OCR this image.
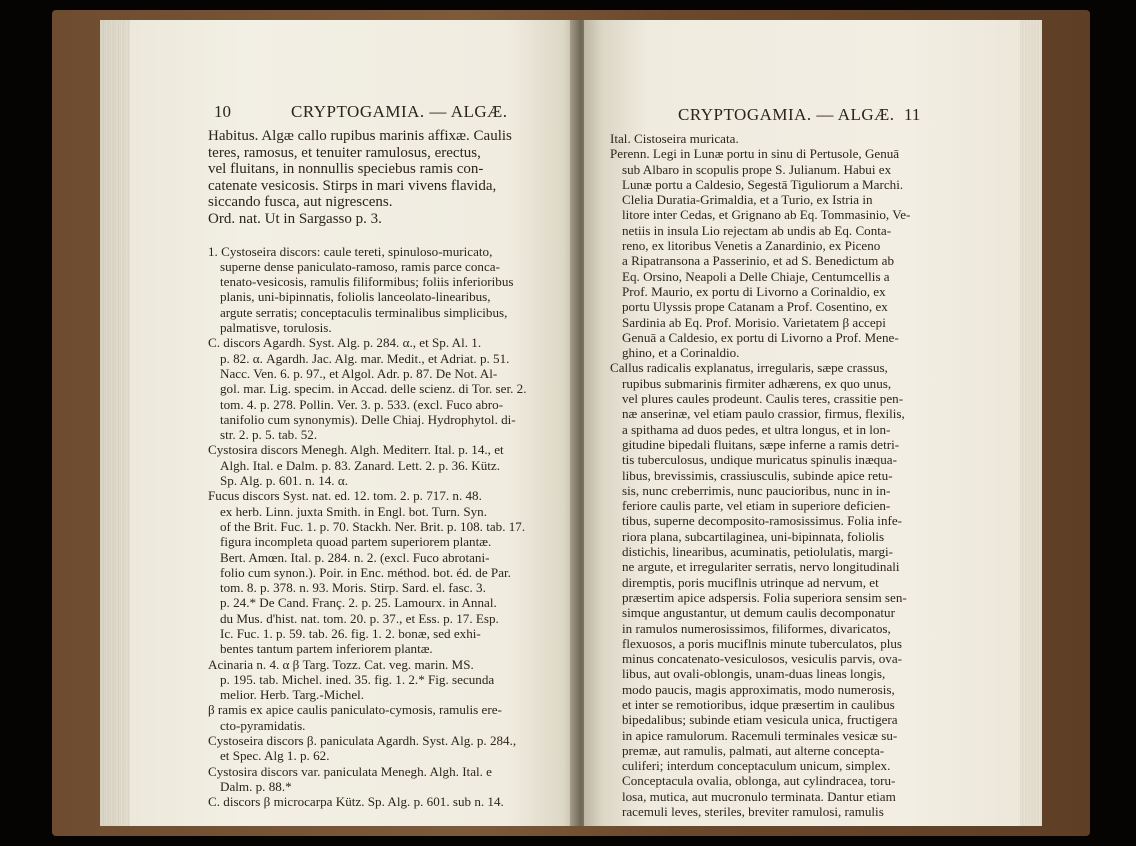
10	CRYPTOGAMIA. — ALGÆ.

Habitus. Algæ callo rupibus marinis affixæ. Caulis

teres, ramosus, et tenuiter ramulosus, erectus,

vel fluitans, in nonnullis speciebus ramis con-

catenate vesicosis. Stirps in mari vivens flavida,

siccando fusca, aut nigrescens.

Ord. nat. Ut in Sargasso p. 3.

1. Cystoseira discors: caule tereti, spinuloso-muricato,

superne dense paniculato-ramoso, ramis parce conca-

tenato-vesicosis, ramulis filiformibus; foliis inferioribus

planis, uni-bipinnatis, foliolis lanceolato-linearibus,

argute serratis; conceptaculis terminalibus simplicibus,

palmatisve, torulosis.

C. discors Agardh. Syst. Alg. p. 284. α., et Sp. Al. 1.

p. 82. α. Agardh. Jac. Alg. mar. Medit., et Adriat. p. 51.

Nacc. Ven. 6. p. 97., et Algol. Adr. p. 87. De Not. Al-

gol. mar. Lig. specim. in Accad. delle scienz. di Tor. ser. 2.

tom. 4. p. 278. Pollin. Ver. 3. p. 533. (excl. Fuco abro-

tanifolio cum synonymis). Delle Chiaj. Hydrophytol. di-

str. 2. p. 5. tab. 52.

Cystosira discors Menegh. Algh. Mediterr. Ital. p. 14., et

Algh. Ital. e Dalm. p. 83. Zanard. Lett. 2. p. 36. Kütz.

Sp. Alg. p. 601. n. 14. α.

Fucus discors Syst. nat. ed. 12. tom. 2. p. 717. n. 48.

ex herb. Linn. juxta Smith. in Engl. bot. Turn. Syn.

of the Brit. Fuc. 1. p. 70. Stackh. Ner. Brit. p. 108. tab. 17.

figura incompleta quoad partem superiorem plantæ.

Bert. Amœn. Ital. p. 284. n. 2. (excl. Fuco abrotani-

folio cum synon.). Poir. in Enc. méthod. bot. éd. de Par.

tom. 8. p. 378. n. 93. Moris. Stirp. Sard. el. fasc. 3.

p. 24.* De Cand. Franç. 2. p. 25. Lamourx. in Annal.

du Mus. d'hist. nat. tom. 20. p. 37., et Ess. p. 17. Esp.

Ic. Fuc. 1. p. 59. tab. 26. fig. 1. 2. bonæ, sed exhi-

bentes tantum partem inferiorem plantæ.

Acinaria n. 4. α β Targ. Tozz. Cat. veg. marin. MS.

p. 195. tab. Michel. ined. 35. fig. 1. 2.* Fig. secunda

melior. Herb. Targ.-Michel.

β ramis ex apice caulis paniculato-cymosis, ramulis ere-

cto-pyramidatis.

Cystoseira discors β. paniculata Agardh. Syst. Alg. p. 284.,

et Spec. Alg 1. p. 62.

Cystosira discors var. paniculata Menegh. Algh. Ital. e

Dalm. p. 88.*

C. discors β microcarpa Kütz. Sp. Alg. p. 601. sub n. 14.

CRYPTOGAMIA. — ALGÆ. 11

Ital. Cistoseira muricata.

Perenn. Legi in Lunæ portu in sinu di Pertusole, Genuā

sub Albaro in scopulis prope S. Julianum. Habui ex

Lunæ portu a Caldesio, Segestā Tiguliorum a Marchi.

Clelia Duratia-Grimaldia, et a Turio, ex Istria in

litore inter Cedas, et Grignano ab Eq. Tommasinio, Ve-

netiis in insula Lio rejectam ab undis ab Eq. Conta-

reno, ex litoribus Venetis a Zanardinio, ex Piceno

a Ripatransona a Passerinio, et ad S. Benedictum ab

Eq. Orsino, Neapoli a Delle Chiaje, Centumcellis a

Prof. Maurio, ex portu di Livorno a Corinaldio, ex

portu Ulyssis prope Catanam a Prof. Cosentino, ex

Sardinia ab Eq. Prof. Morisio. Varietatem β accepi

Genuā a Caldesio, ex portu di Livorno a Prof. Mene-

ghino, et a Corinaldio.

Callus radicalis explanatus, irregularis, sæpe crassus,

rupibus submarinis firmiter adhærens, ex quo unus,

vel plures caules prodeunt. Caulis teres, crassitie pen-

næ anserinæ, vel etiam paulo crassior, firmus, flexilis,

a spithama ad duos pedes, et ultra longus, et in lon-

gitudine bipedali fluitans, sæpe inferne a ramis detri-

tis tuberculosus, undique muricatus spinulis inæqua-

libus, brevissimis, crassiusculis, subinde apice retu-

sis, nunc creberrimis, nunc paucioribus, nunc in in-

feriore caulis parte, vel etiam in superiore deficien-

tibus, superne decomposito-ramosissimus. Folia infe-

riora plana, subcartilaginea, uni-bipinnata, foliolis

distichis, linearibus, acuminatis, petiolulatis, margi-

ne argute, et irregulariter serratis, nervo longitudinali

diremptis, poris muciflnis utrinque ad nervum, et

præsertim apice adspersis. Folia superiora sensim sen-

simque angustantur, ut demum caulis decomponatur

in ramulos numerosissimos, filiformes, divaricatos,

flexuosos, a poris muciflnis minute tuberculatos, plus

minus concatenato-vesiculosos, vesiculis parvis, ova-

libus, aut ovali-oblongis, unam-duas lineas longis,

modo paucis, magis approximatis, modo numerosis,

et inter se remotioribus, idque præsertim in caulibus

bipedalibus; subinde etiam vesicula unica, fructigera

in apice ramulorum. Racemuli terminales vesicæ su-

premæ, aut ramulis, palmati, aut alterne concepta-

culiferi; interdum conceptaculum unicum, simplex.

Conceptacula ovalia, oblonga, aut cylindracea, toru-

losa, mutica, aut mucronulo terminata. Dantur etiam

racemuli leves, steriles, breviter ramulosi, ramulis
